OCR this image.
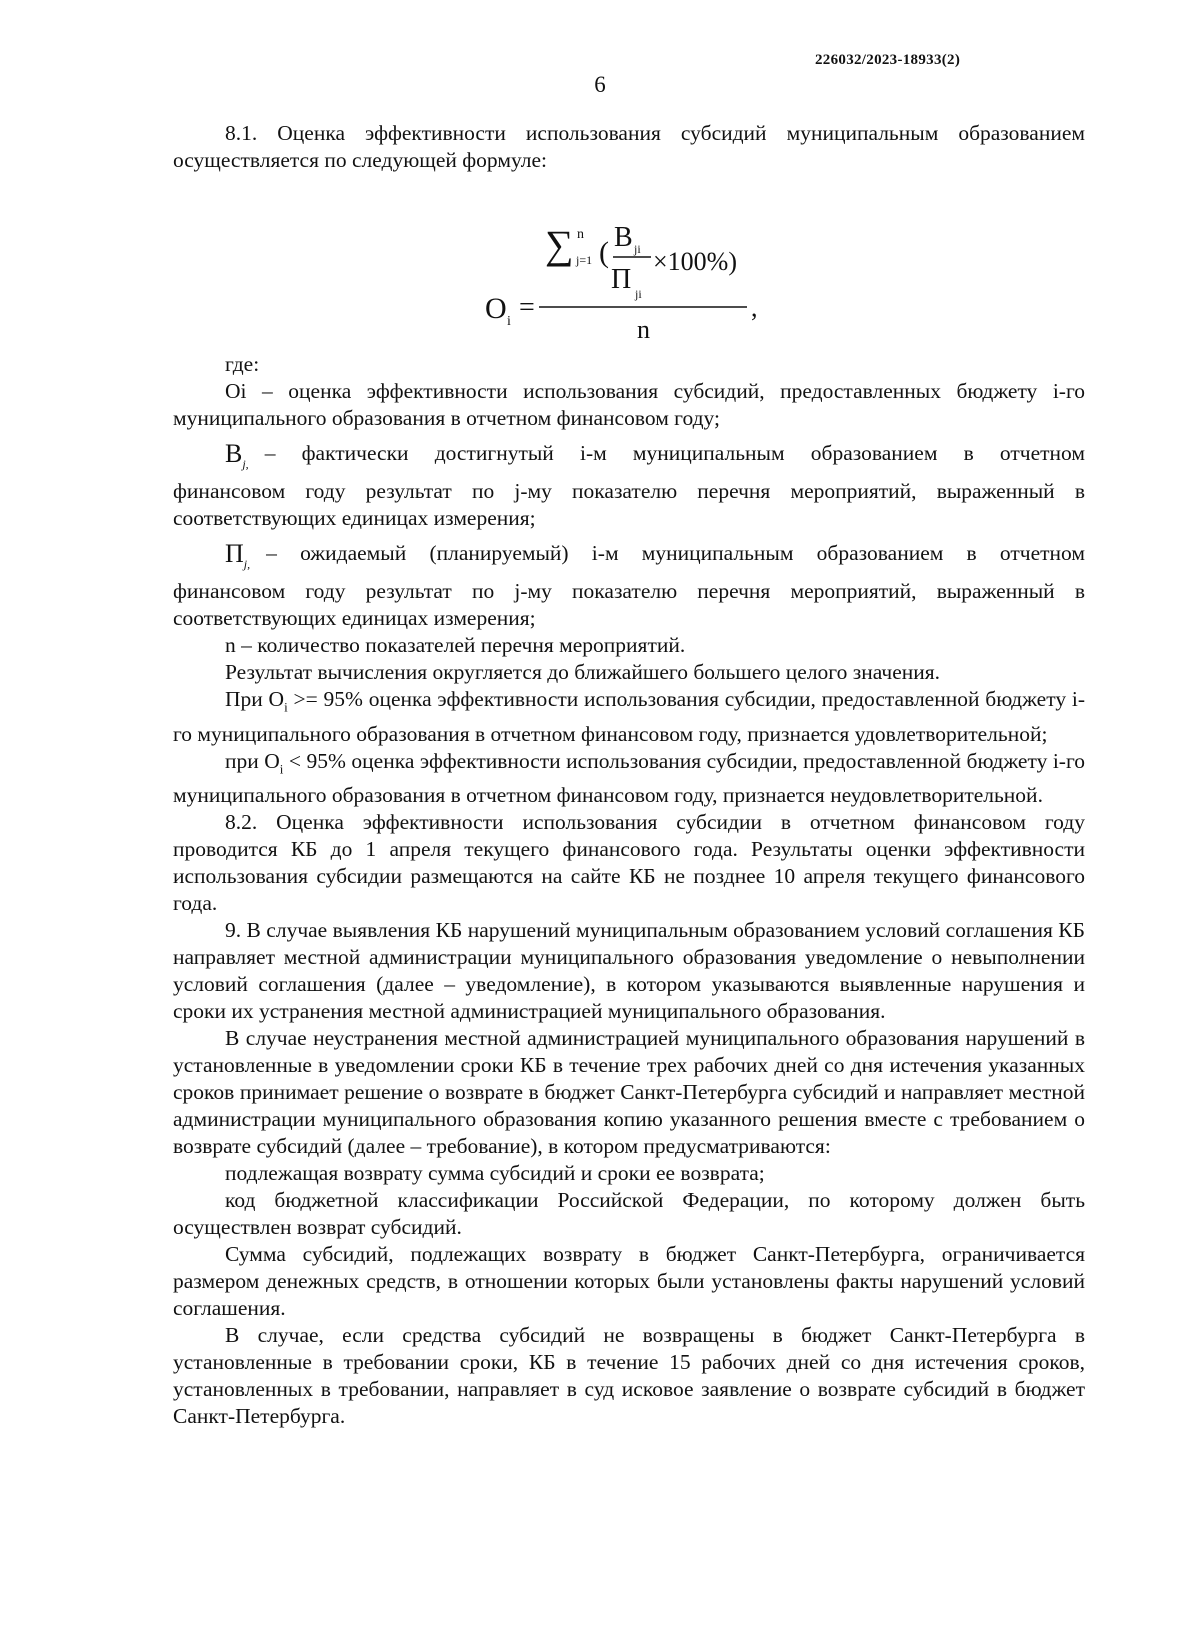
226032/2023-18933(2)
6

8.1. Оценка эффективности использования субсидий муниципальным образованием осуществляется по следующей формуле:

∑ n
j=1 ( B ji
П ji
×100%)
O i =	,
n

где:

Oi – оценка эффективности использования субсидий, предоставленных бюджету i-го муниципального образования в отчетном финансовом году;

$В_{j,}$ – фактически достигнутый i-м муниципальным образованием в отчетном

финансовом году результат по j-му показателю перечня мероприятий, выраженный в соответствующих единицах измерения;

$П_{j,}$ – ожидаемый (планируемый) i-м муниципальным образованием в отчетном

финансовом году результат по j-му показателю перечня мероприятий, выраженный в соответствующих единицах измерения;

n – количество показателей перечня мероприятий.

Результат вычисления округляется до ближайшего большего целого значения.

При $O_i >= 95\%$ оценка эффективности использования субсидии, предоставленной бюджету i-го муниципального образования в отчетном финансовом году, признается удовлетворительной;

при $O_i < 95\%$ оценка эффективности использования субсидии, предоставленной бюджету i-го муниципального образования в отчетном финансовом году, признается неудовлетворительной.

8.2. Оценка эффективности использования субсидии в отчетном финансовом году проводится КБ до 1 апреля текущего финансового года. Результаты оценки эффективности использования субсидии размещаются на сайте КБ не позднее 10 апреля текущего финансового года.

9. В случае выявления КБ нарушений муниципальным образованием условий соглашения КБ направляет местной администрации муниципального образования уведомление о невыполнении условий соглашения (далее – уведомление), в котором указываются выявленные нарушения и сроки их устранения местной администрацией муниципального образования.

В случае неустранения местной администрацией муниципального образования нарушений в установленные в уведомлении сроки КБ в течение трех рабочих дней со дня истечения указанных сроков принимает решение о возврате в бюджет Санкт-Петербурга субсидий и направляет местной администрации муниципального образования копию указанного решения вместе с требованием о возврате субсидий (далее – требование), в котором предусматриваются:

подлежащая возврату сумма субсидий и сроки ее возврата;

код бюджетной классификации Российской Федерации, по которому должен быть осуществлен возврат субсидий.

Сумма субсидий, подлежащих возврату в бюджет Санкт-Петербурга, ограничивается размером денежных средств, в отношении которых были установлены факты нарушений условий соглашения.

В случае, если средства субсидий не возвращены в бюджет Санкт-Петербурга в установленные в требовании сроки, КБ в течение 15 рабочих дней со дня истечения сроков, установленных в требовании, направляет в суд исковое заявление о возврате субсидий в бюджет Санкт-Петербурга.
